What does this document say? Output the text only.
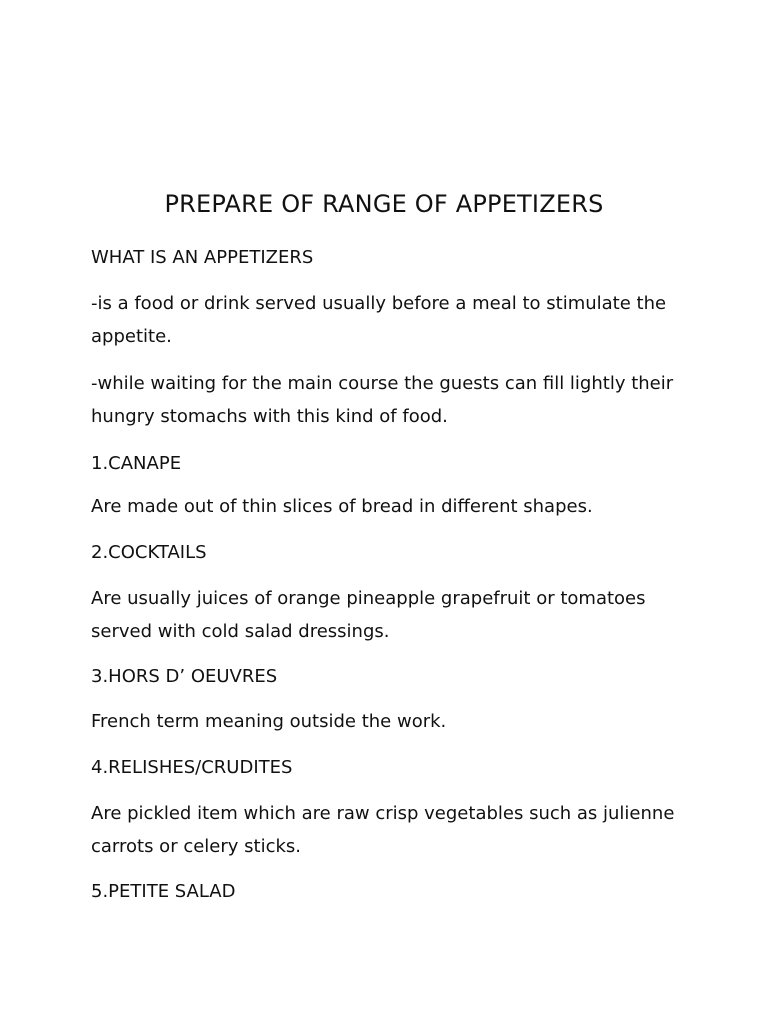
PREPARE OF RANGE OF APPETIZERS

WHAT IS AN APPETIZERS

-is a food or drink served usually before a meal to stimulate the appetite.

-while waiting for the main course the guests can fill lightly their hungry stomachs with this kind of food.

1.CANAPE

Are made out of thin slices of bread in different shapes.

2.COCKTAILS

Are usually juices of orange pineapple grapefruit or tomatoes served with cold salad dressings.

3.HORS D’ OEUVRES

French term meaning outside the work.

4.RELISHES/CRUDITES

Are pickled item which are raw crisp vegetables such as julienne carrots or celery sticks.

5.PETITE SALAD
